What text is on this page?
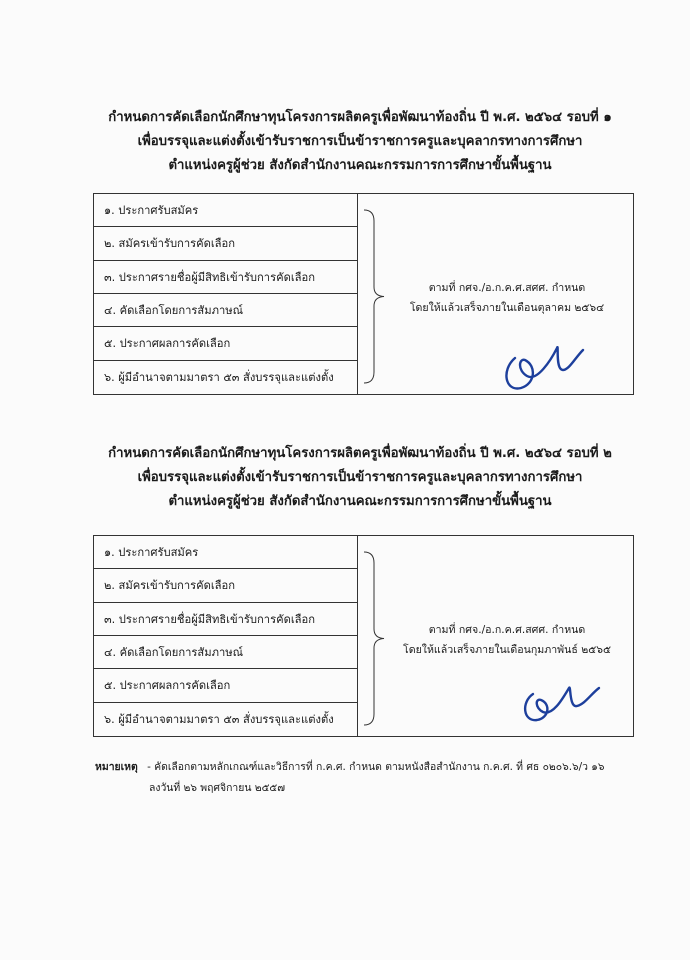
กำหนดการคัดเลือกนักศึกษาทุนโครงการผลิตครูเพื่อพัฒนาท้องถิ่น ปี พ.ศ. ๒๕๖๔ รอบที่ ๑
เพื่อบรรจุและแต่งตั้งเข้ารับราชการเป็นข้าราชการครูและบุคลากรทางการศึกษา
ตำแหน่งครูผู้ช่วย สังกัดสำนักงานคณะกรรมการการศึกษาขั้นพื้นฐาน
๑. ประกาศรับสมัคร
๒. สมัครเข้ารับการคัดเลือก
๓. ประกาศรายชื่อผู้มีสิทธิเข้ารับการคัดเลือก
๔. คัดเลือกโดยการสัมภาษณ์
๕. ประกาศผลการคัดเลือก
๖. ผู้มีอำนาจตามมาตรา ๕๓ สั่งบรรจุและแต่งตั้ง
ตามที่ กศจ./อ.ก.ค.ศ.สศศ. กำหนด
โดยให้แล้วเสร็จภายในเดือนตุลาคม ๒๕๖๔
กำหนดการคัดเลือกนักศึกษาทุนโครงการผลิตครูเพื่อพัฒนาท้องถิ่น ปี พ.ศ. ๒๕๖๔ รอบที่ ๒
เพื่อบรรจุและแต่งตั้งเข้ารับราชการเป็นข้าราชการครูและบุคลากรทางการศึกษา
ตำแหน่งครูผู้ช่วย สังกัดสำนักงานคณะกรรมการการศึกษาขั้นพื้นฐาน
๑. ประกาศรับสมัคร
๒. สมัครเข้ารับการคัดเลือก
๓. ประกาศรายชื่อผู้มีสิทธิเข้ารับการคัดเลือก
๔. คัดเลือกโดยการสัมภาษณ์
๕. ประกาศผลการคัดเลือก
๖. ผู้มีอำนาจตามมาตรา ๕๓ สั่งบรรจุและแต่งตั้ง
ตามที่ กศจ./อ.ก.ค.ศ.สศศ. กำหนด
โดยให้แล้วเสร็จภายในเดือนกุมภาพันธ์ ๒๕๖๕
หมายเหตุ - คัดเลือกตามหลักเกณฑ์และวิธีการที่ ก.ค.ศ. กำหนด ตามหนังสือสำนักงาน ก.ค.ศ. ที่ ศธ ๐๒๐๖.๖/ว ๑๖
ลงวันที่ ๒๖ พฤศจิกายน ๒๕๕๗
